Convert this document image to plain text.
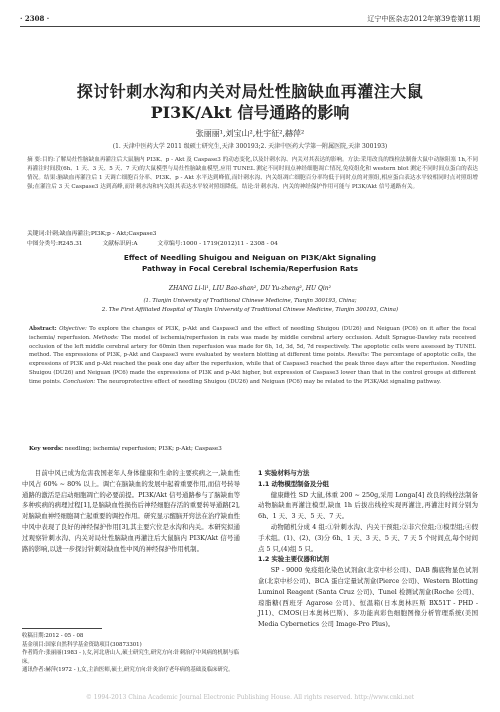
· 2308 ·	辽宁中医杂志2012年第39卷第11期
探讨针刺水沟和内关对局灶性脑缺血再灌注大鼠
PI3K/Akt 信号通路的影响
张丽丽¹,刘宝山²,杜宇征²,赫萍²
(1. 天津中医药大学 2011 级硕士研究生,天津 300193;2. 天津中医药大学第一附属医院,天津 300193)
摘 要:目的:了解局灶性脑缺血再灌注后大鼠脑内 PI3K、p - Akt 及 Caspase3 的动态变化,以及针刺水沟、内关对其表达的影响。方法:采用改良的线栓法制备大鼠中动脉阻塞 1h,不同再灌注时间段(6h、1 天、3 天、5 天、7 天)的大鼠模型与局灶性脑缺血模型,应用 TUNEL 测定不同时间点神经细胞凋亡情况,免疫组化和 western blot 测定不同时间点蛋白的表达情况。结果:脑缺血再灌注后 1 天调亡细胞百分率、PI3K、p - Akt 水平达到峰值,而针刺水沟、内关组凋亡细胞百分率均低于同时点的对照组,相应蛋白表达水平较相同时点对照组增强;在灌注后 3 天 Caspase3 达到高峰,而针刺水沟和内关组其表达水平较对照组降低。结论:针刺水沟、内关的神经保护作用可能与 PI3K/Akt 信号通路有关。
关键词:针刺;缺血再灌注;PI3K;p - Akt;Caspase3
中图分类号:R245.31	文献标识码:A	文章编号:1000 - 1719(2012)11 - 2308 - 04
Effect of Needling Shuigou and Neiguan on PI3K/Akt Signaling
Pathway in Focal Cerebral Ischemia/Reperfusion Rats
ZHANG Li-li¹, LIU Bao-shan², DU Yu-zheng², HU Qin²
(1. Tianjin University of Traditional Chinese Medicine, Tianjin 300193, China;
2. The First Affiliated Hospital of Tianjin University of Traditional Chinese Medicine, Tianjin 300193, China)
Abstract: Objective: To explore the changes of PI3K, p-Akt and Caspase3 and the effect of needling Shuigou (DU26) and Neiguan (PC6) on it after the focal ischemia/ reperfusion. Methods: The model of ischemia/reperfusion in rats was made by middle cerebral artery occlusion. Adult Sprague-Dawley rats received occlusion of the left middle cerebral artery for 60min then reperfusion was made for 6h, 1d, 3d, 5d, 7d respectively. The apoptotic cells were assessed by TUNEL method. The expressions of PI3K, p-Akt and Caspase3 were evaluated by western blotting at different time points. Results: The percentage of apoptotic cells, the expressions of PI3K and p-Akt reached the peak one day after the reperfusion, while that of Caspase3 reached the peak three days after the reperfusion. Needling Shuigou (DU26) and Neiguan (PC6) made the expressions of PI3K and p-Akt higher, but expression of Caspase3 lower than that in the control groups at different time points. Conclusion: The neuroprotective effect of needling Shuigou (DU26) and Neiguan (PC6) may be related to the PI3K/Akt signaling pathway.
Key words: needling; ischemia/ reperfusion; PI3K; p-Akt; Caspase3

目前中风已成为危害我国老年人身体健康和生命的主要疾病之一,缺血性中风占 60% ~ 80% 以上。调亡在脑缺血的发展中起着重要作用,而信号转导通路的激活是启动细胞凋亡的必要前提。PI3K/Akt 信号通路参与了脑缺血等多种疾病的病理过程[1],是脑缺血性损伤后神经细胞存活的重要转导通路[2],对脑缺血神经细胞凋亡起重要的调控作用。研究显示醒脑开窍法在治疗缺血性中风中表现了良好的神经保护作用[3],其主要穴位是水沟和内关。本研究拟通过观察针刺水沟、内关对局灶性脑缺血再灌注后大鼠脑内 PI3K/Akt 信号通路的影响,以进一步探讨针刺对缺血性中风的神经保护作用机制。

1 实验材料与方法
1.1 动物模型制备及分组

健康雌性 SD 大鼠,体重 200 ~ 250g,采用 Longa[4] 改良的线栓法制备动物脑缺血再灌注模型,缺血 1h 后拔出线栓实现再灌注,再灌注时间分别为 6h、1 天、3 天、5 天、7 天。

动物随机分成 4 组:①针刺水沟、内关干预组;②非穴位组;③模型组;④假手术组。(1)、(2)、(3)分 6h、1 天、3 天、5 天、7 天 5 个时间点,每个时间点 5 只,(4)组 5 只。

1.2 实验主要仪器和试剂

SP - 9000 免疫组化染色试剂盒(北京中杉公司)、DAB 酶底物显色试剂盒(北京中杉公司)、BCA 蛋白定量试剂盒(Pierce 公司)、Western Blotting Luminol Reagent (Santa Cruz 公司)、Tunel 检测试剂盒(Roche 公司)、琼脂糖(西班牙 Agarose 公司)、恒温箱(日本奥林匹斯 BX51T - PHD - J11)、CMOS(日本奥林巴斯)、多功能真彩色细胞图像分析管理系统(美国 Media Cybernetics 公司 Image-Pro Plus)。

收稿日期:2012 - 05 - 08
基金项目:国家自然科学基金资助项目(30873301)
作者简介:张丽丽(1983 - ),女,河北唐山人,硕士研究生,研究方向:针刺治疗中风病的机制与临床。
通讯作者:赫萍(1972 - ),女,主治医师,硕士,研究方向:针灸治疗老年病的基础及临床研究。
© 1994-2013 China Academic Journal Electronic Publishing House. All rights reserved. http://www.cnki.net
